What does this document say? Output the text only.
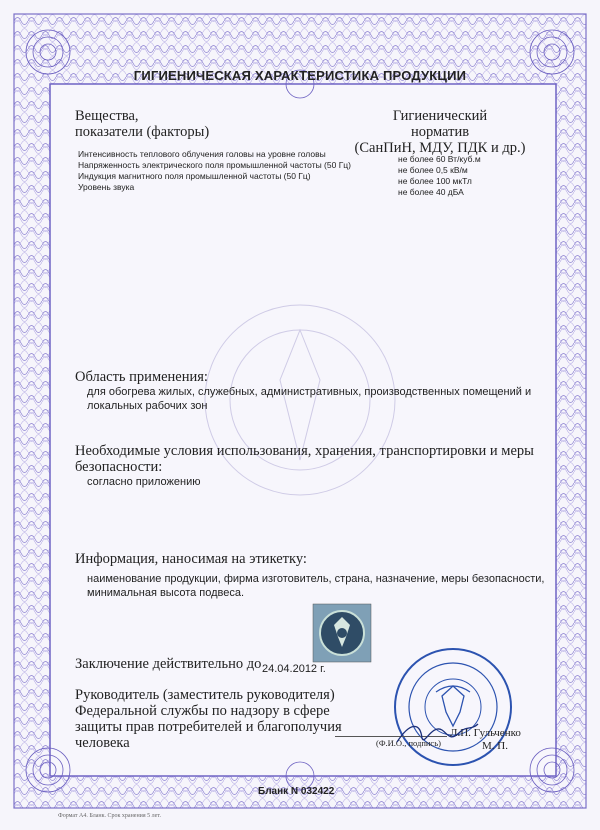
ГИГИЕНИЧЕСКАЯ ХАРАКТЕРИСТИКА ПРОДУКЦИИ
Вещества,
показатели (факторы)
Гигиенический
норматив
(СанПиН, МДУ, ПДК и др.)
Интенсивность теплового облучения головы на уровне головы
Напряженность электрического поля промышленной частоты (50 Гц)
Индукция магнитного поля промышленной частоты (50 Гц)
Уровень звука
не более 60 Вт/куб.м
не более 0,5 кВ/м
не более 100 мкТл
не более 40 дБА
Область применения:
для обогрева жилых, служебных, административных, производственных помещений и
локальных рабочих зон
Необходимые условия использования, хранения, транспортировки и меры
безопасности:
согласно приложению
Информация, наносимая на этикетку:
наименование продукции, фирма изготовитель, страна, назначение, меры безопасности,
минимальная высота подвеса.
Заключение действительно до 24.04.2012 г.
Руководитель (заместитель руководителя)
Федеральной службы по надзору в сфере
защиты прав потребителей и благополучия
человека
Л.П. Гульченко
(Ф.И.О., подпись)	М. П.
Бланк N 032422
Формат А4. Бланк. Срок хранения 5 лет.
